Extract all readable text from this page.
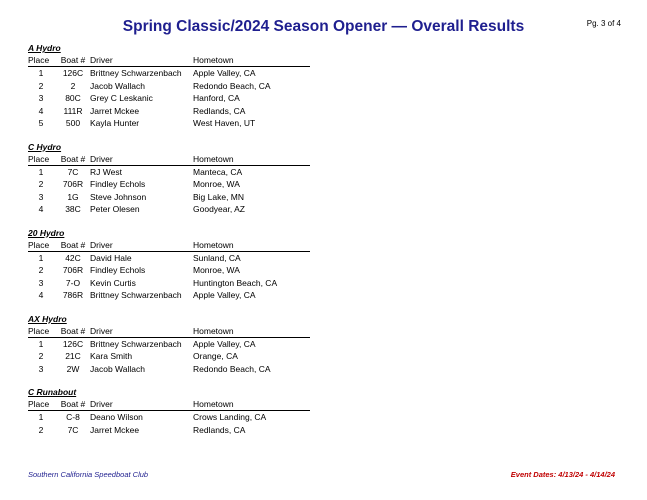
Spring Classic/2024 Season Opener — Overall Results	Pg. 3 of 4
A Hydro
Place	Boat #	Driver	Hometown
1	126C	Brittney Schwarzenbach	Apple Valley, CA
2	2	Jacob Wallach	Redondo Beach, CA
3	80C	Grey C Leskanic	Hanford, CA
4	111R	Jarret Mckee	Redlands, CA
5	500	Kayla Hunter	West Haven, UT
C Hydro
Place	Boat #	Driver	Hometown
1	7C	RJ West	Manteca, CA
2	706R	Findley Echols	Monroe, WA
3	1G	Steve Johnson	Big Lake, MN
4	38C	Peter Olesen	Goodyear, AZ
20 Hydro
Place	Boat #	Driver	Hometown
1	42C	David Hale	Sunland, CA
2	706R	Findley Echols	Monroe, WA
3	7-O	Kevin Curtis	Huntington Beach, CA
4	786R	Brittney Schwarzenbach	Apple Valley, CA
AX Hydro
Place	Boat #	Driver	Hometown
1	126C	Brittney Schwarzenbach	Apple Valley, CA
2	21C	Kara Smith	Orange, CA
3	2W	Jacob Wallach	Redondo Beach, CA
C Runabout
Place	Boat #	Driver	Hometown
1	C-8	Deano Wilson	Crows Landing, CA
2	7C	Jarret Mckee	Redlands, CA
Southern California Speedboat Club	Event Dates: 4/13/24 - 4/14/24
